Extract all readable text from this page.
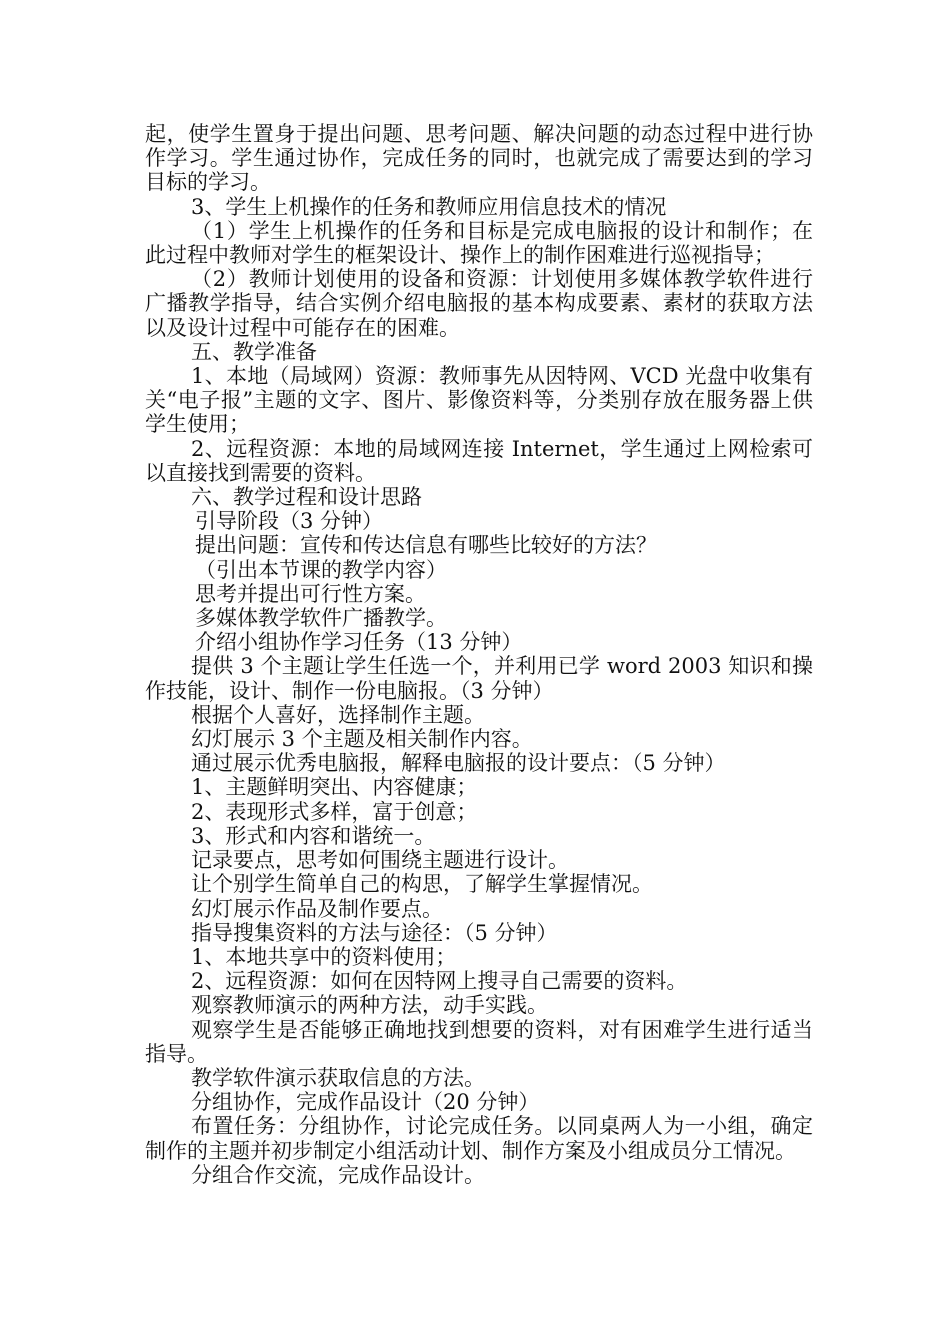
起，使学生置身于提出问题、思考问题、解决问题的动态过程中进行协作学习。学生通过协作，完成任务的同时，也就完成了需要达到的学习目标的学习。

3、学生上机操作的任务和教师应用信息技术的情况

（1）学生上机操作的任务和目标是完成电脑报的设计和制作；在此过程中教师对学生的框架设计、操作上的制作困难进行巡视指导；

（2）教师计划使用的设备和资源：计划使用多媒体教学软件进行广播教学指导，结合实例介绍电脑报的基本构成要素、素材的获取方法以及设计过程中可能存在的困难。

五、教学准备

1、本地（局域网）资源：教师事先从因特网、VCD 光盘中收集有关“电子报”主题的文字、图片、影像资料等，分类别存放在服务器上供学生使用；

2、远程资源：本地的局域网连接 Internet，学生通过上网检索可以直接找到需要的资料。

六、教学过程和设计思路

引导阶段（3 分钟）

提出问题：宣传和传达信息有哪些比较好的方法？

（引出本节课的教学内容）

思考并提出可行性方案。

多媒体教学软件广播教学。

介绍小组协作学习任务（13 分钟）

提供 3 个主题让学生任选一个，并利用已学 word 2003 知识和操作技能，设计、制作一份电脑报。（3 分钟）

根据个人喜好，选择制作主题。

幻灯展示 3 个主题及相关制作内容。

通过展示优秀电脑报，解释电脑报的设计要点：（5 分钟）

1、主题鲜明突出、内容健康；

2、表现形式多样，富于创意；

3、形式和内容和谐统一。

记录要点，思考如何围绕主题进行设计。

让个别学生简单自己的构思，了解学生掌握情况。

幻灯展示作品及制作要点。

指导搜集资料的方法与途径：（5 分钟）

1、本地共享中的资料使用；

2、远程资源：如何在因特网上搜寻自己需要的资料。

观察教师演示的两种方法，动手实践。

观察学生是否能够正确地找到想要的资料，对有困难学生进行适当指导。

教学软件演示获取信息的方法。

分组协作，完成作品设计（20 分钟）

布置任务：分组协作，讨论完成任务。以同桌两人为一小组，确定制作的主题并初步制定小组活动计划、制作方案及小组成员分工情况。

分组合作交流，完成作品设计。
